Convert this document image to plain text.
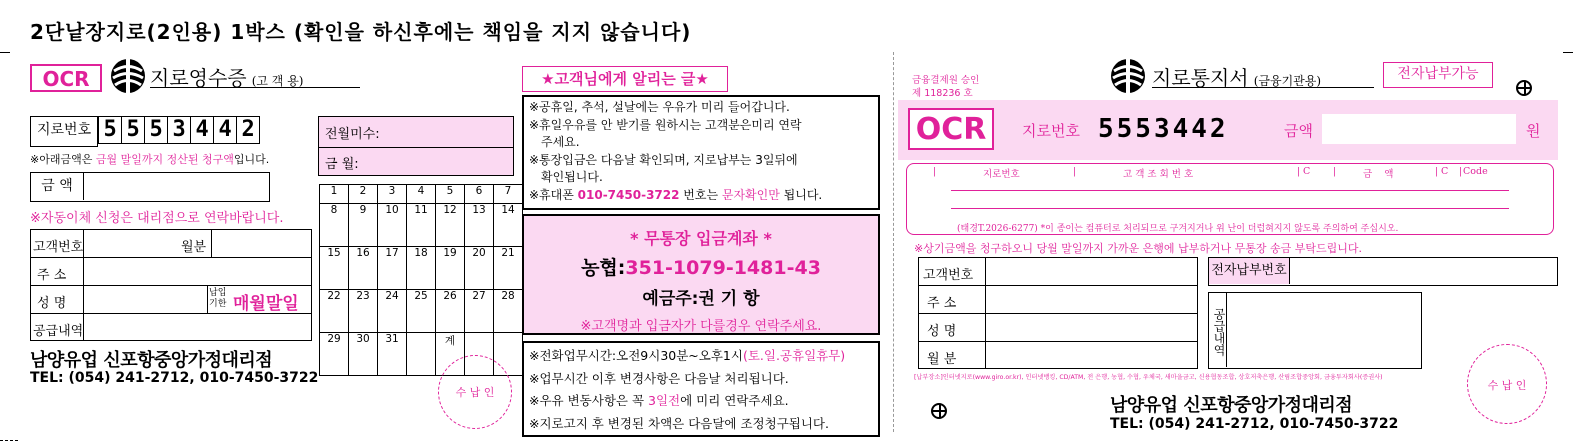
2단낱장지로(2인용) 1박스 (확인을 하신후에는 책임을 지지 않습니다)
OCR	지로영수증 (고 객 용)
지로번호 5 5 5 3 4 4 2
※아래금액은 금월 말일까지 정산된 청구액입니다.
금 액
※자동이체 신청은 대리점으로 연락바랍니다.
고객번호	월분
주 소
성 명
납입기한 매월말일
공급내역
남양유업 신포항중앙가정대리점
TEL: (054) 241-2712, 010-7450-3722
전월미수:
금 월:
1	2	3	4	5	6	7
8	9	10	11	12	13	14
15	16	17	18	19	20	21
22	23	24	25	26	27	28
29	30	31		계		
수 납 인
★고객님에게 알리는 글★
※공휴일, 추석, 설날에는 우유가 미리 들어갑니다.
※휴일우유를 안 받기를 원하시는 고객분은미리 연락
주세요.
※통장입금은 다음날 확인되며, 지로납부는 3일뒤에
확인됩니다.
※휴대폰 010-7450-3722 번호는 문자확인만 됩니다.
* 무통장 입금계좌 *
농협:351-1079-1481-43
예금주:권 기 항
※고객명과 입금자가 다를경우 연락주세요.
※전화업무시간:오전9시30분~오후1시(토.일.공휴일휴무)
※업무시간 이후 변경사항은 다음날 처리됩니다.
※우유 변동사항은 꼭 3일전에 미리 연락주세요.
※지로고지 후 변경된 차액은 다음달에 조정청구됩니다.
금융결제원 승인
제 118236 호
지로통지서 (금융기관용)	전자납부가능
OCR	지로번호 5553442	금액	원
|	지로번호	|	고 객 조 회 번 호	| C |	금    액	| C | Code
(태경T.2026-6277) *이 종이는 컴퓨터로 처리되므로 구겨지거나 위 난이 더럽혀지지 않도록 주의하여 주십시오.
※상기금액을 청구하오니 당월 말일까지 가까운 은행에 납부하거나 무통장 송금 부탁드립니다.
고객번호
주 소
성 명
월 분
전자납부번호
공급내역
[납부장소]인터넷지로(www.giro.or.kr), 인터넷뱅킹, CD/ATM, 전 은행, 농협, 수협, 우체국, 새마을금고, 신용협동조합, 상호저축은행, 산림조합중앙회, 금융투자회사(증권사)
수 납 인
남양유업 신포항중앙가정대리점
TEL: (054) 241-2712, 010-7450-3722
